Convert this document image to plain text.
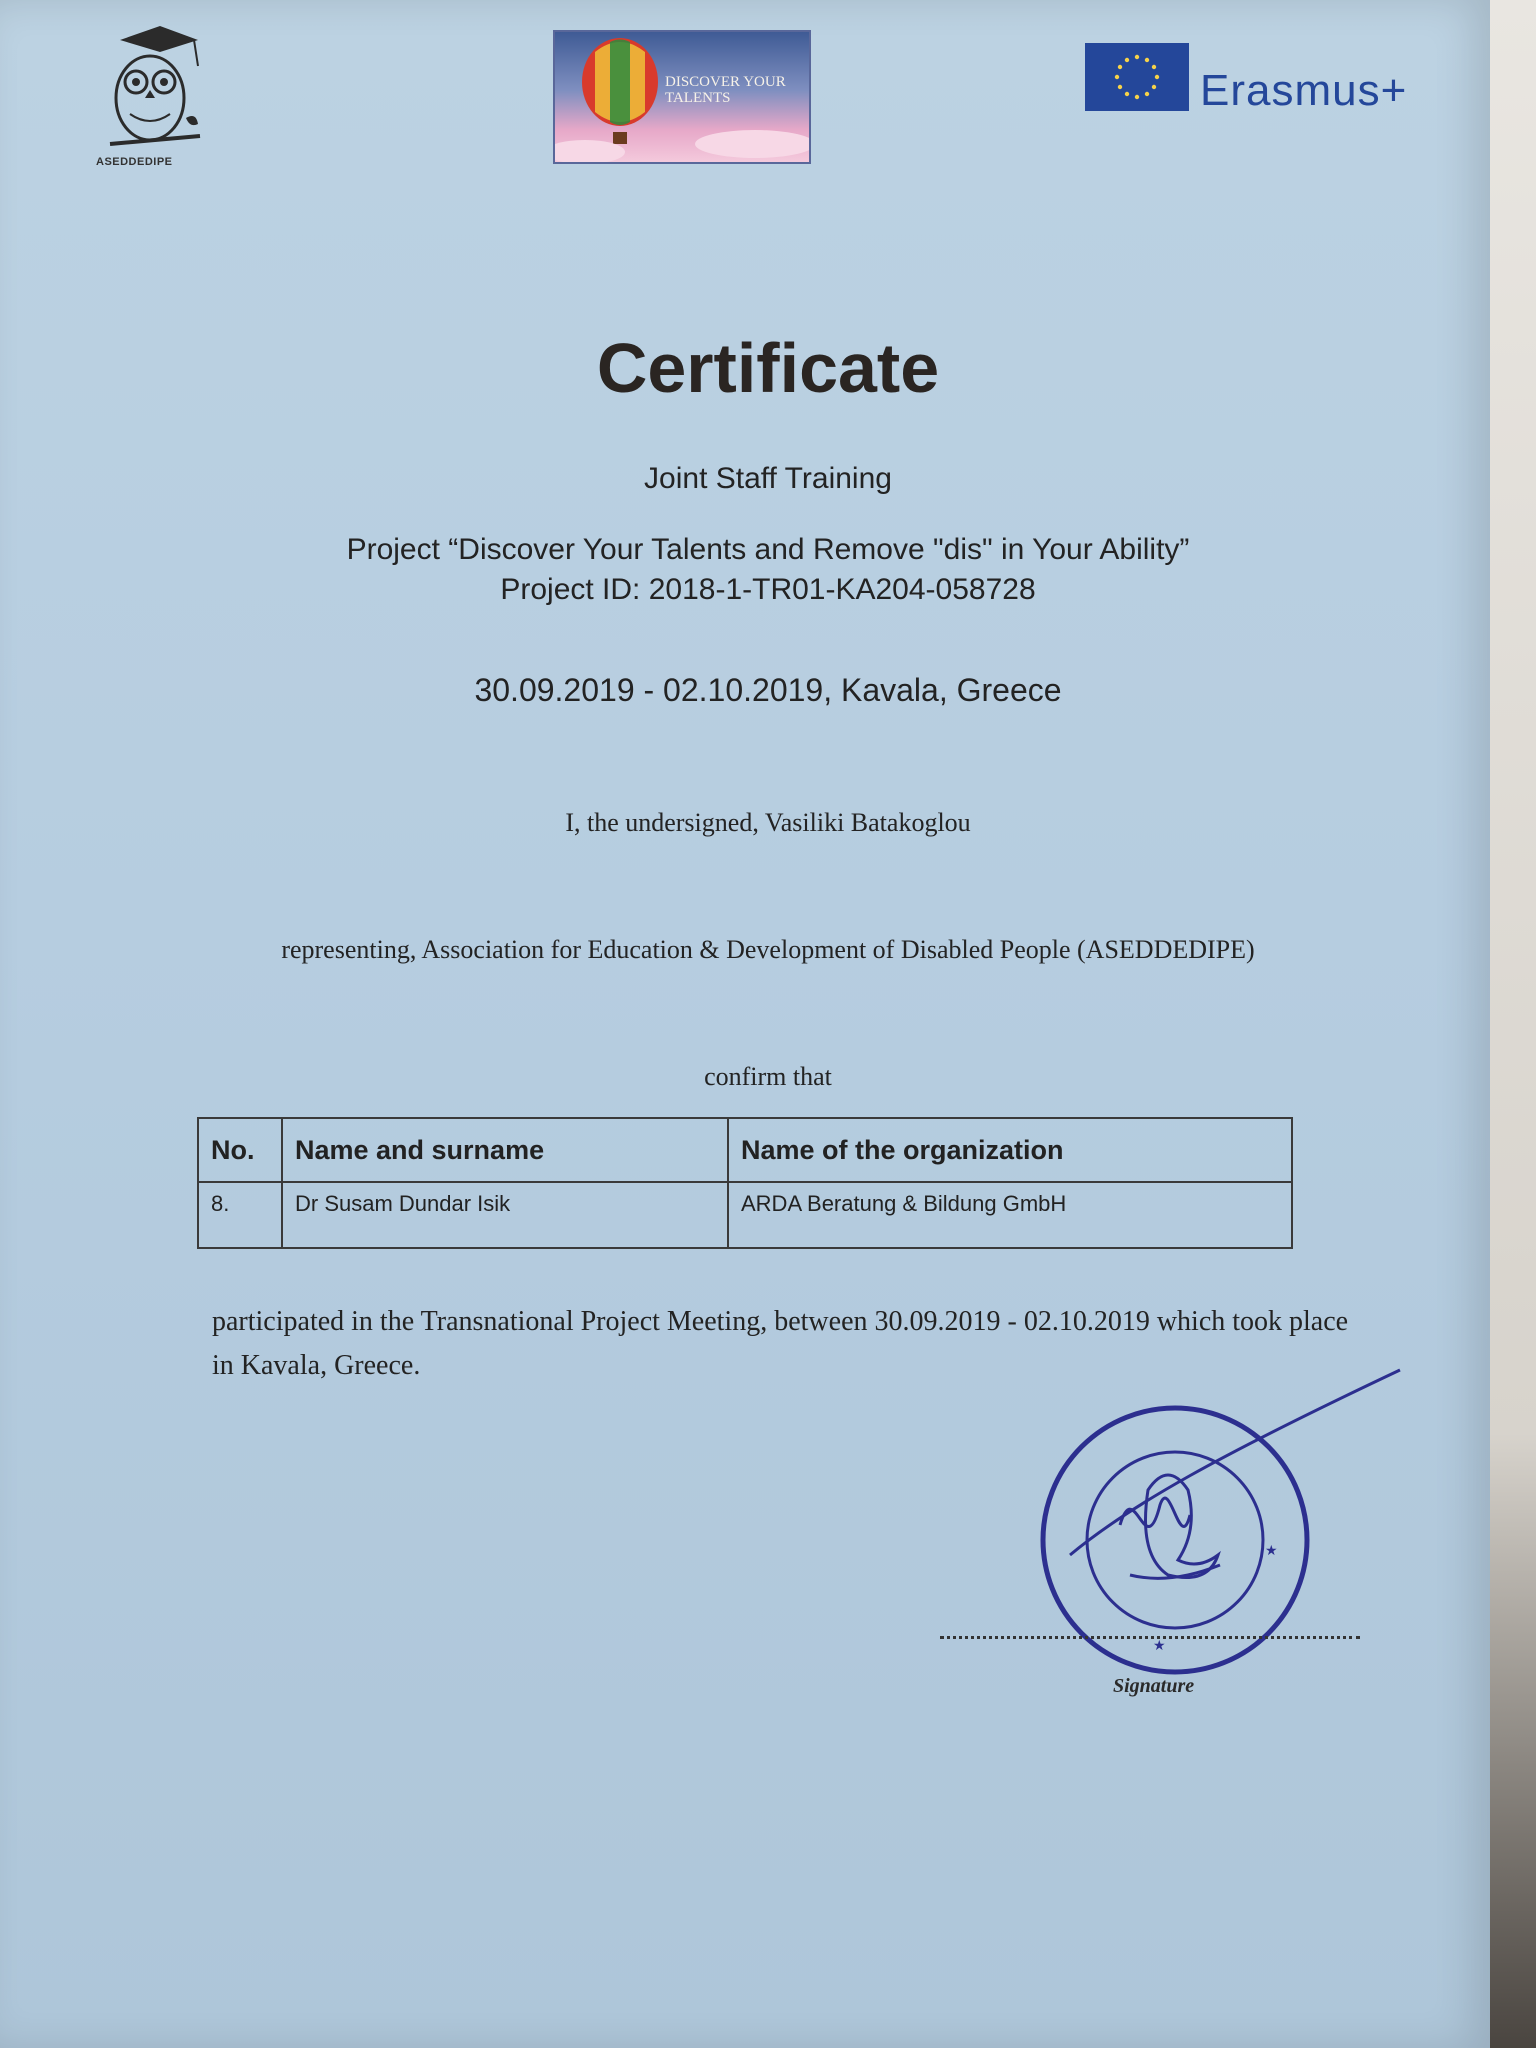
ASEDDEDIPE
DISCOVER YOUR TALENTS	Erasmus+
Certificate
Joint Staff Training
Project “Discover Your Talents and Remove "dis" in Your Ability”
Project ID: 2018-1-TR01-KA204-058728
30.09.2019 - 02.10.2019, Kavala, Greece
I, the undersigned, Vasiliki Batakoglou
representing, Association for Education & Development of Disabled People (ASEDDEDIPE)
confirm that
No.	Name and surname	Name of the organization
8.	Dr Susam Dundar Isik	ARDA Beratung & Bildung GmbH
participated in the Transnational Project Meeting, between 30.09.2019 - 02.10.2019 which took place in Kavala, Greece.
★
★
Signature
